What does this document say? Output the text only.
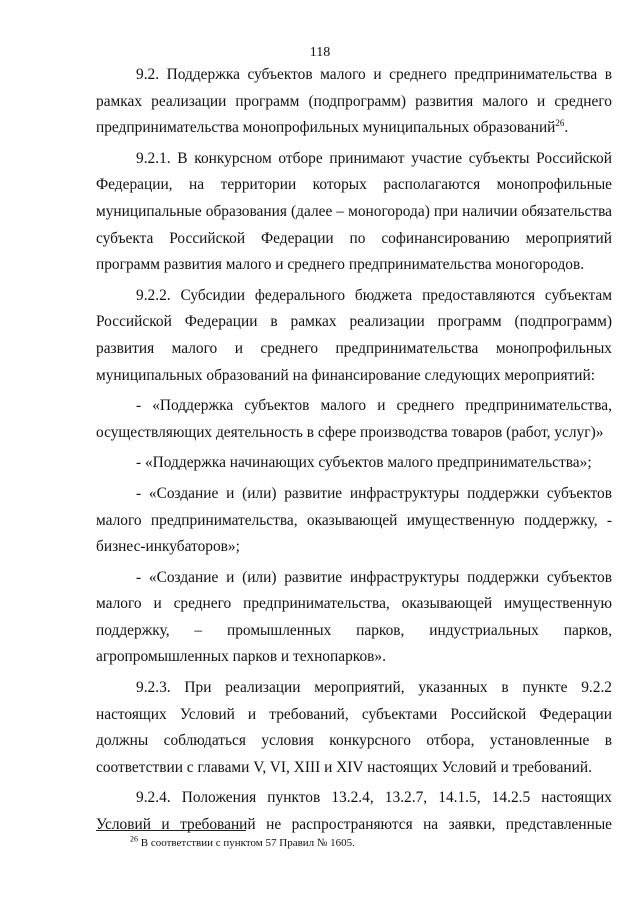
118

9.2. Поддержка субъектов малого и среднего предпринимательства в рамках реализации программ (подпрограмм) развития малого и среднего предпринимательства монопрофильных муниципальных образований$^{26}$.

9.2.1. В конкурсном отборе принимают участие субъекты Российской Федерации, на территории которых располагаются монопрофильные муниципальные образования (далее – моногорода) при наличии обязательства субъекта Российской Федерации по софинансированию мероприятий программ развития малого и среднего предпринимательства моногородов.

9.2.2. Субсидии федерального бюджета предоставляются субъектам Российской Федерации в рамках реализации программ (подпрограмм) развития малого и среднего предпринимательства монопрофильных муниципальных образований на финансирование следующих мероприятий:

- «Поддержка субъектов малого и среднего предпринимательства, осуществляющих деятельность в сфере производства товаров (работ, услуг)»

- «Поддержка начинающих субъектов малого предпринимательства»;

- «Создание и (или) развитие инфраструктуры поддержки субъектов малого предпринимательства, оказывающей имущественную поддержку, - бизнес-инкубаторов»;

- «Создание и (или) развитие инфраструктуры поддержки субъектов малого и среднего предпринимательства, оказывающей имущественную поддержку, – промышленных парков, индустриальных парков, агропромышленных парков и технопарков».

9.2.3. При реализации мероприятий, указанных в пункте 9.2.2 настоящих Условий и требований, субъектами Российской Федерации должны соблюдаться условия конкурсного отбора, установленные в соответствии с главами V, VI, XIII и XIV настоящих Условий и требований.

9.2.4. Положения пунктов 13.2.4, 13.2.7, 14.1.5, 14.2.5 настоящих Условий и требований не распространяются на заявки, представленные

$^{26}$ В соответствии с пунктом 57 Правил № 1605.
